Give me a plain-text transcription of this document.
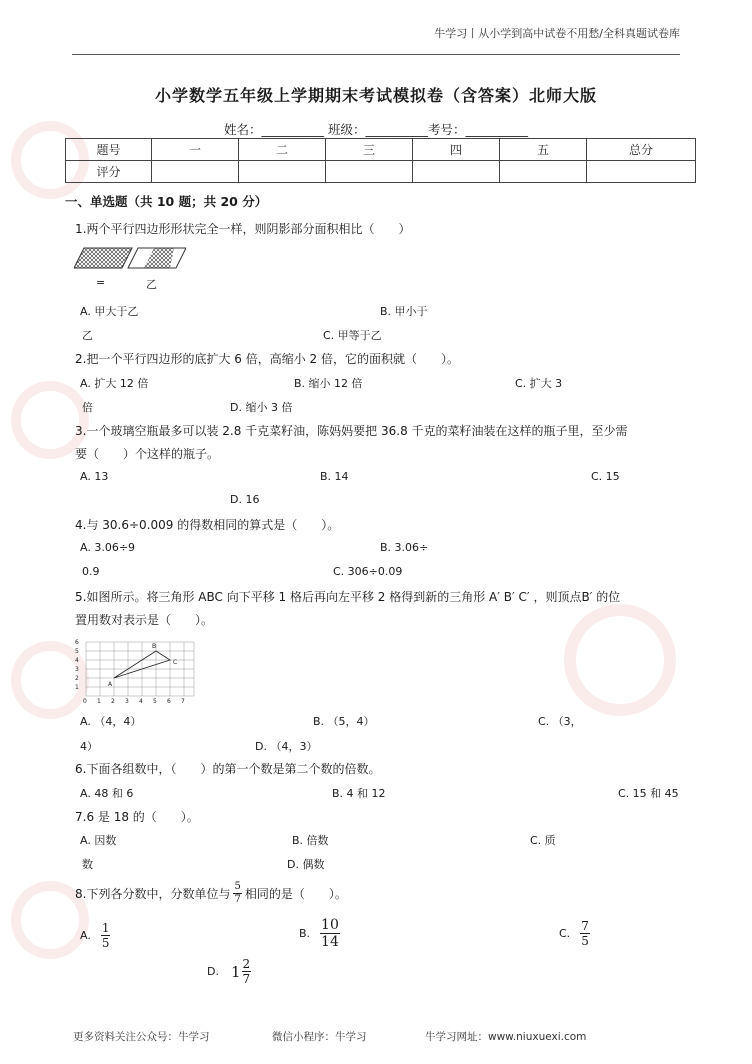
牛学习丨从小学到高中试卷不用愁/全科真题试卷库
小学数学五年级上学期期末考试模拟卷（含答案）北师大版
姓名：__________ 班级：__________考号：__________
题号	一	二	三	四	五	总分
评分						
一、单选题（共 10 题；共 20 分）
1.两个平行四边形形状完全一样，则阴影部分面积相比（　　）
=	乙
A. 甲大于乙	B. 甲小于
乙	C. 甲等于乙
2.把一个平行四边形的底扩大 6 倍，高缩小 2 倍，它的面积就（　　）。
A. 扩大 12 倍	B. 缩小 12 倍	C. 扩大 3
倍	D. 缩小 3 倍
3.一个玻璃空瓶最多可以装 2.8 千克菜籽油，陈妈妈要把 36.8 千克的菜籽油装在这样的瓶子里，至少需
要（　　）个这样的瓶子。
A. 13	B. 14	C. 15
D. 16
4.与 30.6÷0.009 的得数相同的算式是（　　）。
A. 3.06÷9	B. 3.06÷
0.9	C. 306÷0.09
5.如图所示。将三角形 ABC 向下平移 1 格后再向左平移 2 格得到新的三角形 A′ B′ C′ ，则顶点B′ 的位
置用数对表示是（　　）。
6
5
4
3
2
1
0 1 2 3 4 5 6 7
A
B
C
A. （4，4）	B. （5，4）	C. （3，
4）	D. （4，3）
6.下面各组数中，（　　）的第一个数是第二个数的倍数。
A. 48 和 6	B. 4 和 12	C. 15 和 45
7.6 是 18 的（　　）。
A. 因数	B. 倍数	C. 质
数	D. 偶数
8.下列各分数中，分数单位与 $\frac{5}{7}$ 相同的是（　　）。
A. $\frac{1}{5}$	B. $\frac{10}{14}$	C. $\frac{7}{5}$
D. $1 \frac{2}{7}$
更多资料关注公众号：牛学习	微信小程序：牛学习	牛学习网址：www.niuxuexi.com
